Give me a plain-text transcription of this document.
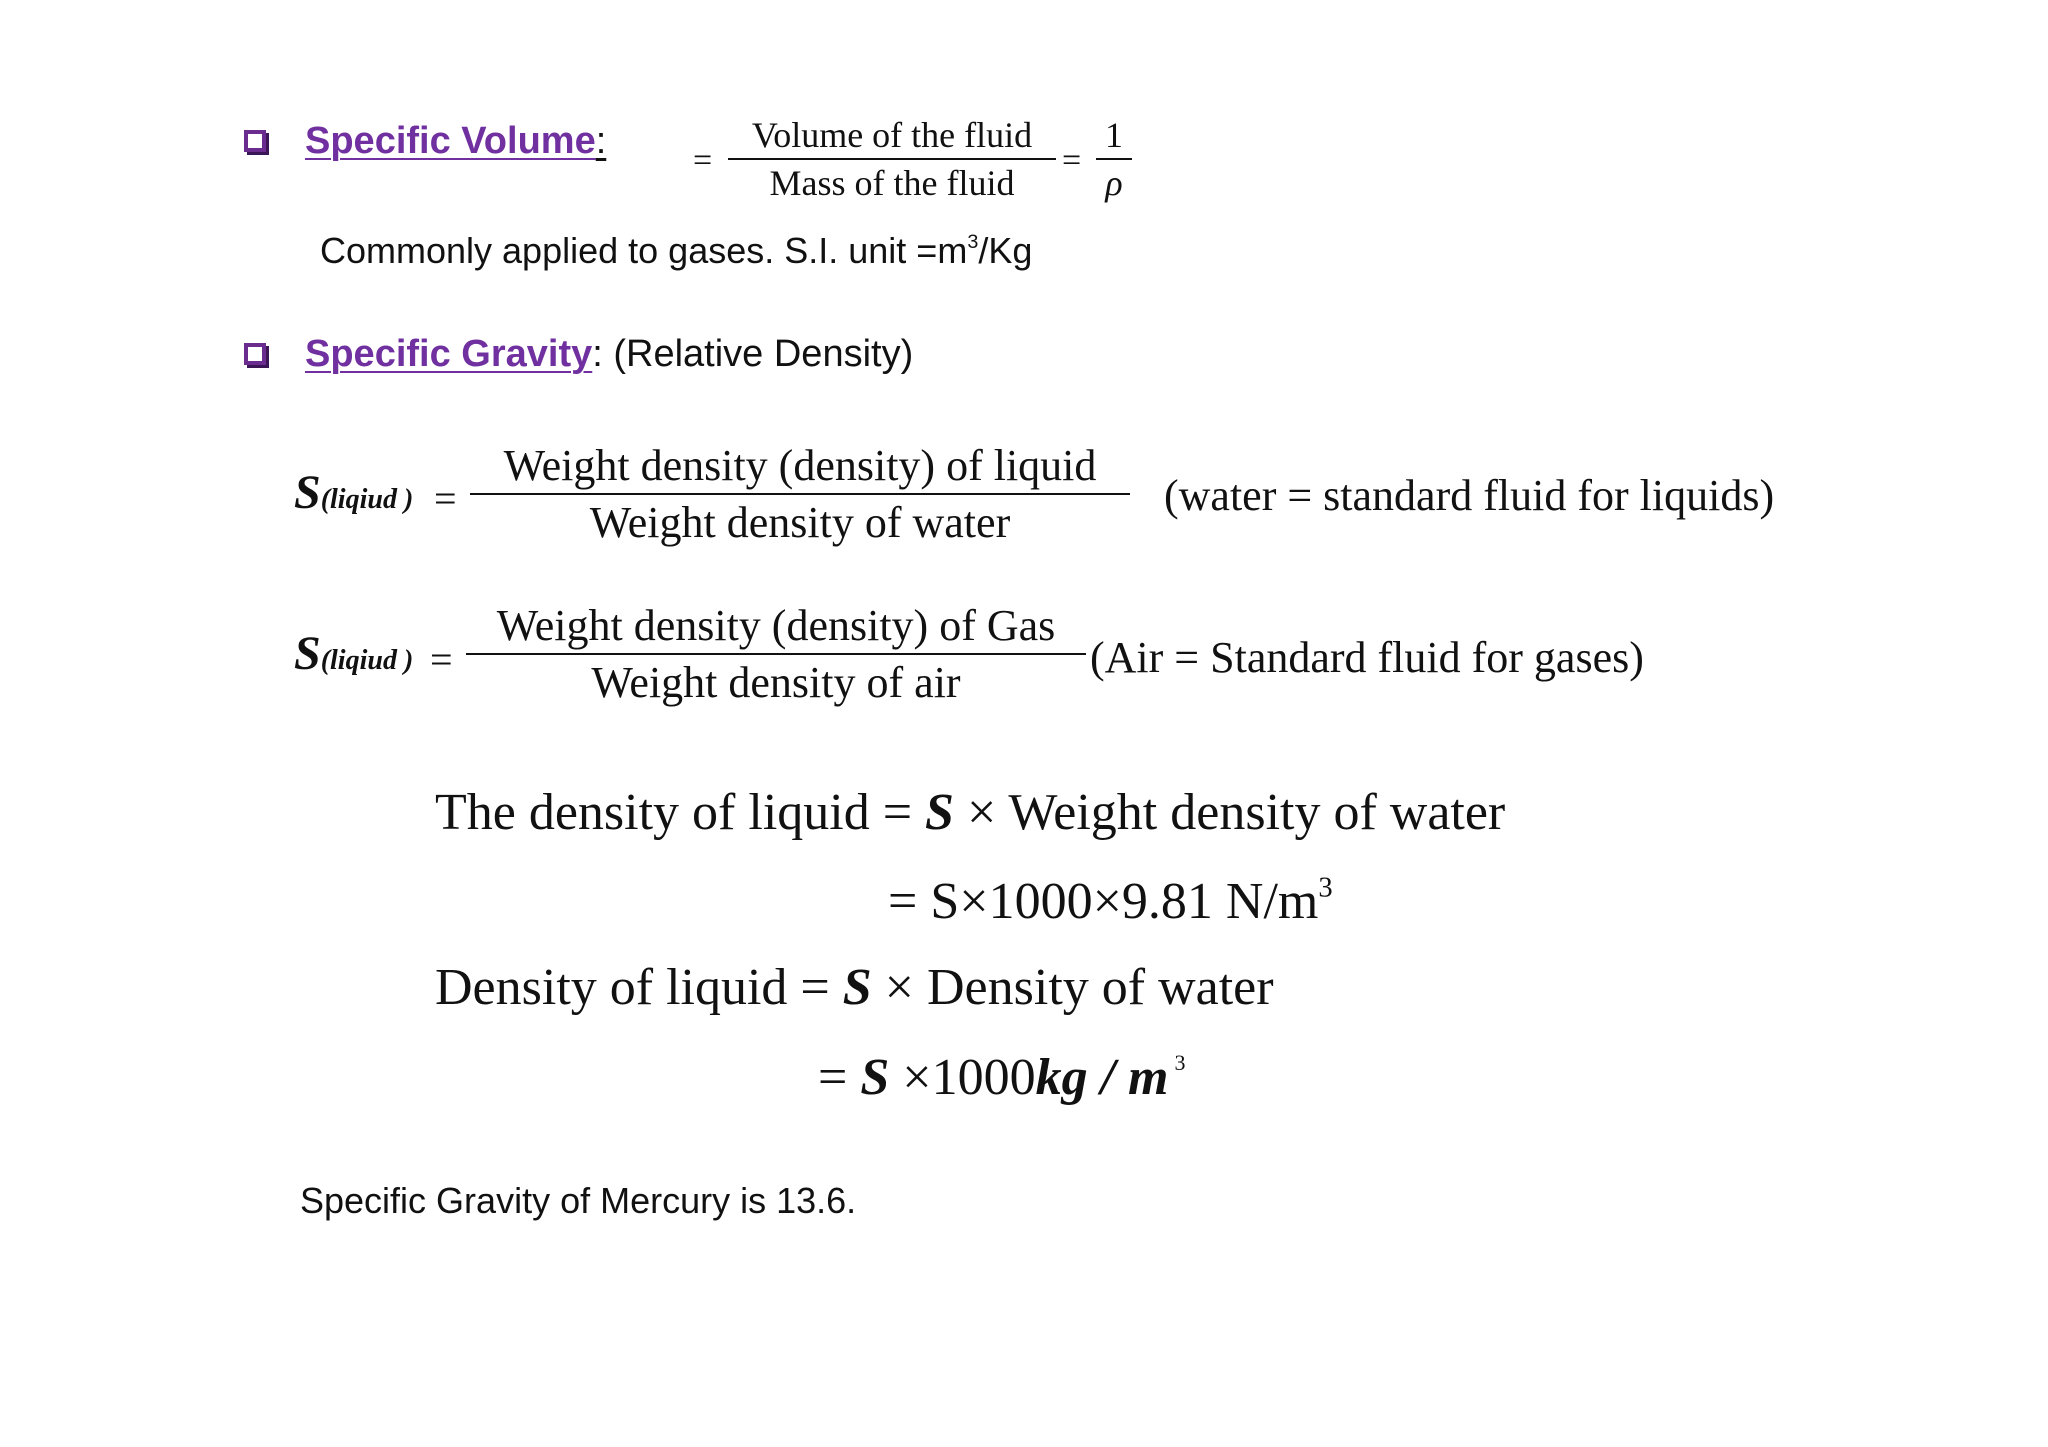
Specific Volume:	=
Volume of the fluid
Mass of the fluid
=
1
ρ
Commonly applied to gases. S.I. unit $=m^3/Kg$
Specific Gravity: (Relative Density)
S(liqiud ) =
Weight density (density) of liquid
Weight density of water
(water = standard fluid for liquids)
S(liqiud ) =
Weight density (density) of Gas
Weight density of air
(Air = Standard fluid for gases)
The density of liquid = S × Weight density of water
= S×1000×9.81 $N/m^3$
Density of liquid = S × Density of water
= S ×1000kg / m $^3$
Specific Gravity of Mercury is 13.6.
